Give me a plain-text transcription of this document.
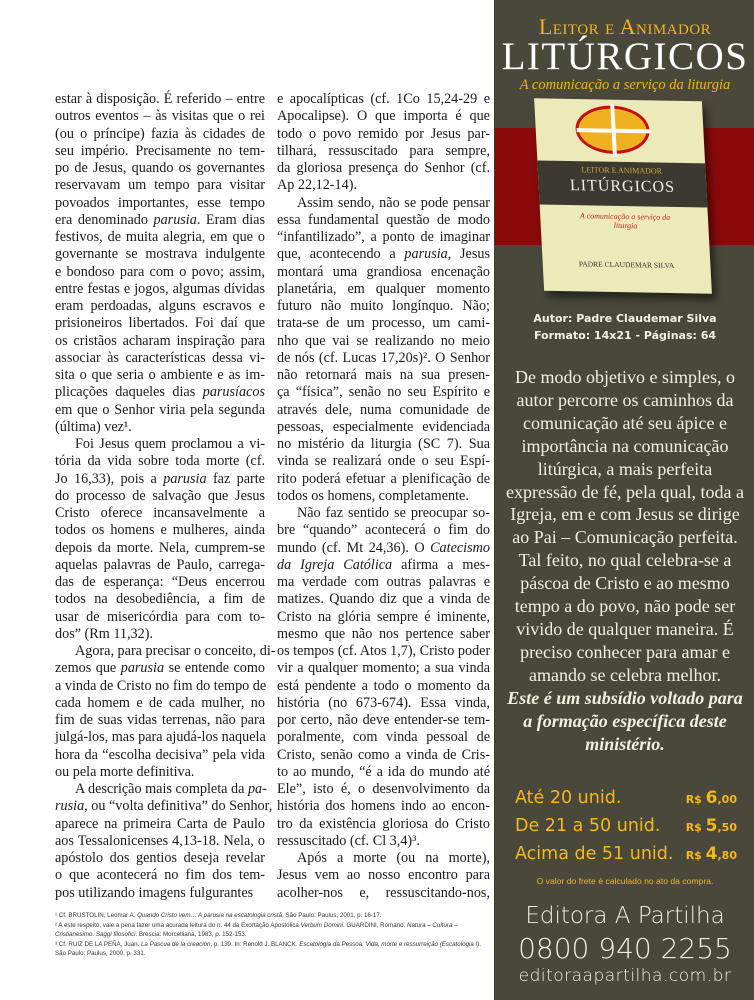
estar à disposição. É referido – entre
outros eventos – às visitas que o rei
(ou o príncipe) fazia às cidades de
seu império. Precisamente no tem-
po de Jesus, quando os governantes
reservavam um tempo para visitar
povoados importantes, esse tempo
era denominado parusia. Eram dias
festivos, de muita alegria, em que o
governante se mostrava indulgente
e bondoso para com o povo; assim,
entre festas e jogos, algumas dívidas
eram perdoadas, alguns escravos e
prisioneiros libertados. Foi daí que
os cristãos acharam inspiração para
associar às características dessa vi-
sita o que seria o ambiente e as im-
plicações daqueles dias parusíacos
em que o Senhor viria pela segunda
(última) vez¹.
Foi Jesus quem proclamou a vi-
tória da vida sobre toda morte (cf.
Jo 16,33), pois a parusia faz parte
do processo de salvação que Jesus
Cristo oferece incansavelmente a
todos os homens e mulheres, ainda
depois da morte. Nela, cumprem-se
aquelas palavras de Paulo, carrega-
das de esperança: “Deus encerrou
todos na desobediência, a fim de
usar de misericórdia para com to-
dos” (Rm 11,32).
Agora, para precisar o conceito, di-
zemos que parusia se entende como
a vinda de Cristo no fim do tempo de
cada homem e de cada mulher, no
fim de suas vidas terrenas, não para
julgá-los, mas para ajudá-los naquela
hora da “escolha decisiva” pela vida
ou pela morte definitiva.
A descrição mais completa da pa-
rusia, ou “volta definitiva” do Senhor,
aparece na primeira Carta de Paulo
aos Tessalonicenses 4,13-18. Nela, o
apóstolo dos gentios deseja revelar
o que acontecerá no fim dos tem-
pos utilizando imagens fulgurantes
e apocalípticas (cf. 1Co 15,24-29 e
Apocalipse). O que importa é que
todo o povo remido por Jesus par-
tilhará, ressuscitado para sempre,
da gloriosa presença do Senhor (cf.
Ap 22,12-14).
Assim sendo, não se pode pensar
essa fundamental questão de modo
“infantilizado”, a ponto de imaginar
que, acontecendo a parusia, Jesus
montará uma grandiosa encenação
planetária, em qualquer momento
futuro não muito longínquo. Não;
trata-se de um processo, um cami-
nho que vai se realizando no meio
de nós (cf. Lucas 17,20s)². O Senhor
não retornará mais na sua presen-
ça “física”, senão no seu Espírito e
através dele, numa comunidade de
pessoas, especialmente evidenciada
no mistério da liturgia (SC 7). Sua
vinda se realizará onde o seu Espí-
rito poderá efetuar a plenificação de
todos os homens, completamente.
Não faz sentido se preocupar so-
bre “quando” acontecerá o fim do
mundo (cf. Mt 24,36). O Catecismo
da Igreja Católica afirma a mes-
ma verdade com outras palavras e
matizes. Quando diz que a vinda de
Cristo na glória sempre é iminente,
mesmo que não nos pertence saber
os tempos (cf. Atos 1,7), Cristo poder
vir a qualquer momento; a sua vinda
está pendente a todo o momento da
história (no 673-674). Essa vinda,
por certo, não deve entender-se tem-
poralmente, com vinda pessoal de
Cristo, senão como a vinda de Cris-
to ao mundo, “é a ida do mundo até
Ele”, isto é, o desenvolvimento da
história dos homens indo ao encon-
tro da existência gloriosa do Cristo
ressuscitado (cf. Cl 3,4)³.
Após a morte (ou na morte),
Jesus vem ao nosso encontro para
acolher-nos e, ressuscitando-nos,
¹ Cf. BRUSTOLIN, Leomar A. Quando Cristo vem… A parusia na escatologia cristã. São Paulo: Paulus, 2001, p. 16-17.
² A este respeito, vale a pena fazer uma acurada leitura do n. 44 da Exortação Apostólica Verbum Domini. GUARDINI, Romano. Natura – Cultura – Cristianesimo. Saggi filosofici. Brescia: Morcelliana, 1983, p. 152-153.
³ Cf. RUIZ DE LA PEÑA, Juan. La Pascua de la creación, p. 139. In: Renold J. BLANCK. Escatologia da Pessoa. Vida, morte e ressurreição (Escatologia I). São Paulo: Paulus, 2000, p. 331.
Leitor e Animador
LITÚRGICOS
A comunicação a serviço da liturgia
LEITOR E ANIMADOR
LITÚRGICOS
A comunicação a serviço da liturgia
PADRE CLAUDEMAR SILVA
Autor: Padre Claudemar Silva
Formato: 14x21 - Páginas: 64
De modo objetivo e simples, o autor percorre os caminhos da comunicação até seu ápice e importância na comunicação litúrgica, a mais perfeita expressão de fé, pela qual, toda a Igreja, em e com Jesus se dirige ao Pai – Comunicação perfeita. Tal feito, no qual celebra-se a páscoa de Cristo e ao mesmo tempo a do povo, não pode ser vivido de qualquer maneira. É preciso conhecer para amar e amando se celebra melhor.
Este é um subsídio voltado para a formação específica deste ministério.
Até 20 unid.	R$ 6,00
De 21 a 50 unid. R$ 5,50
Acima de 51 unid. R$ 4,80
O valor do frete é calculado no ato da compra.
Editora A Partilha
0800 940 2255
editoraapartilha.com.br
